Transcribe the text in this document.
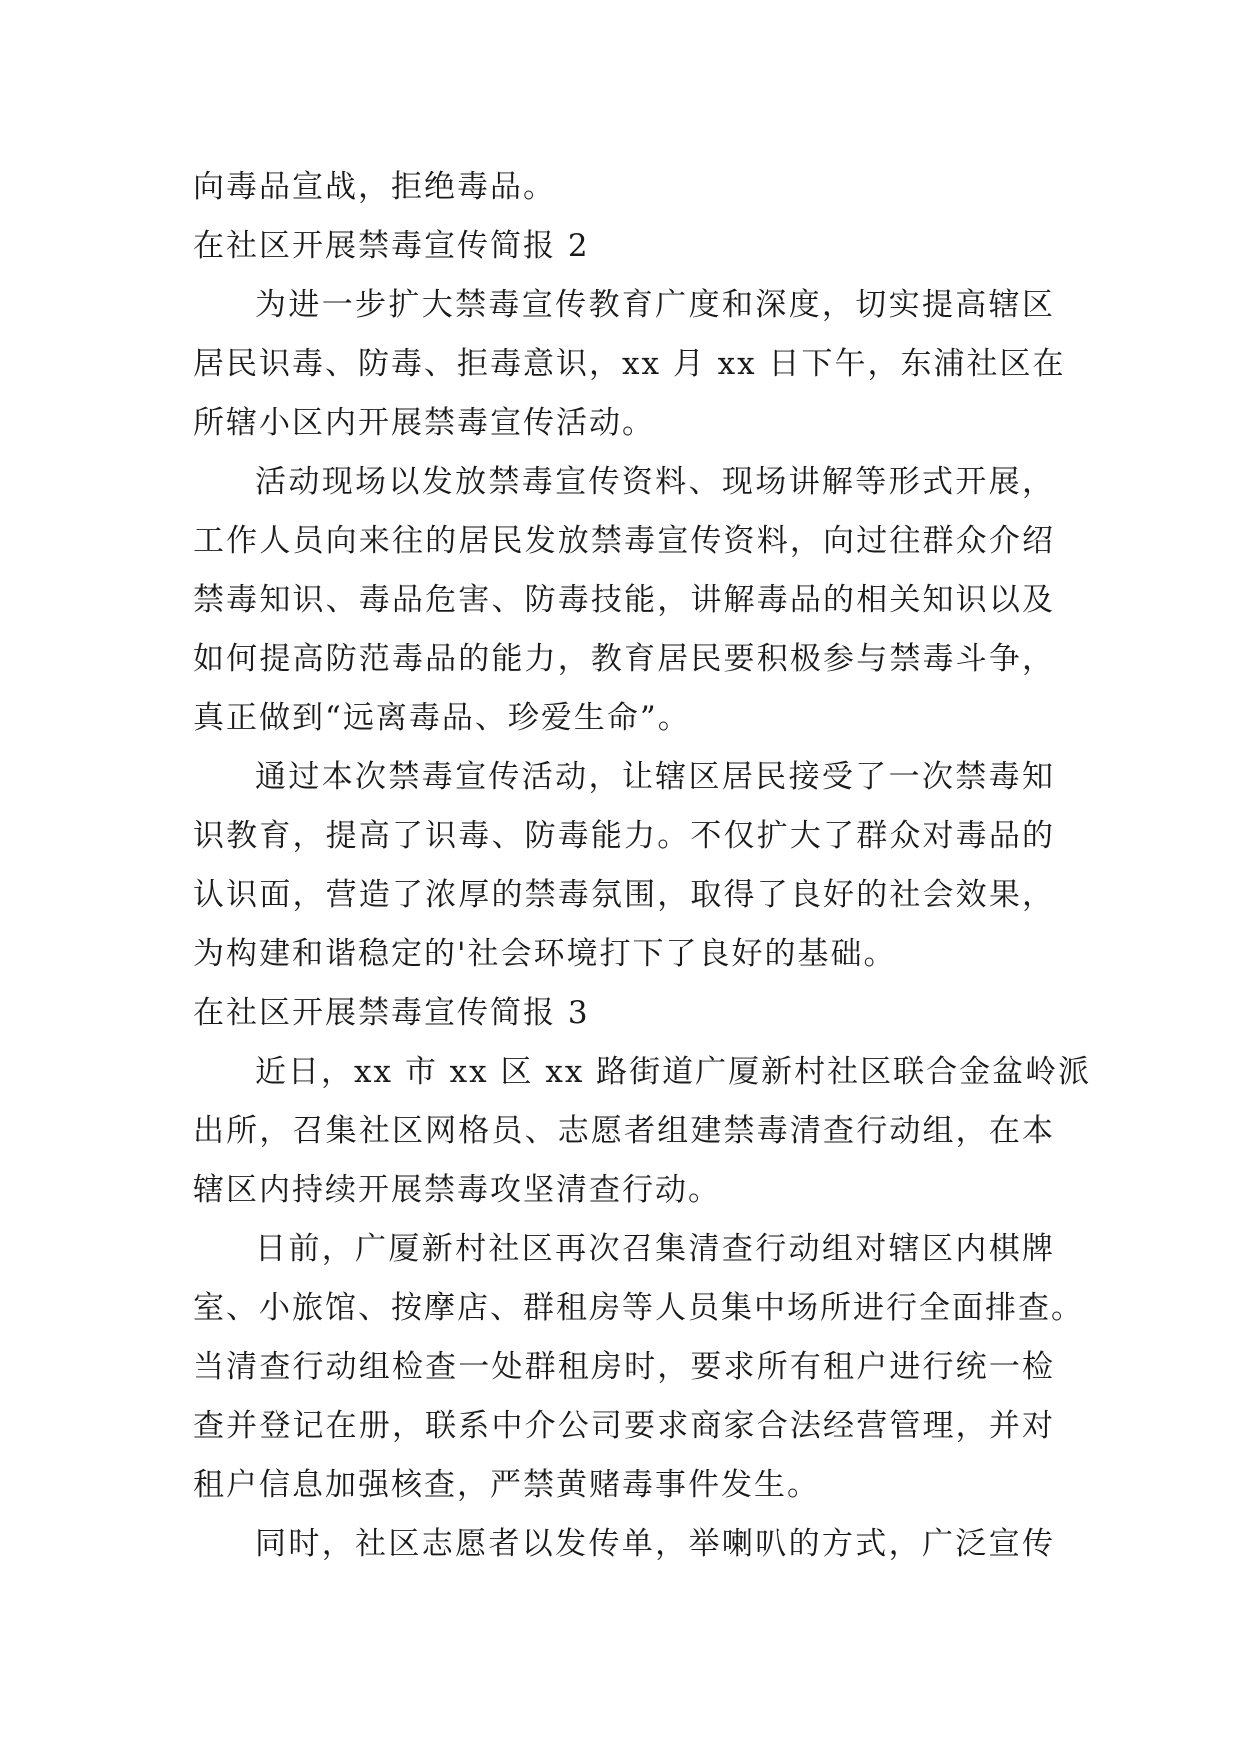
向毒品宣战，拒绝毒品。
在社区开展禁毒宣传简报 2
为进一步扩大禁毒宣传教育广度和深度，切实提高辖区
居民识毒、防毒、拒毒意识，xx 月 xx 日下午，东浦社区在
所辖小区内开展禁毒宣传活动。
活动现场以发放禁毒宣传资料、现场讲解等形式开展，
工作人员向来往的居民发放禁毒宣传资料，向过往群众介绍
禁毒知识、毒品危害、防毒技能，讲解毒品的相关知识以及
如何提高防范毒品的能力，教育居民要积极参与禁毒斗争，
真正做到“远离毒品、珍爱生命”。
通过本次禁毒宣传活动，让辖区居民接受了一次禁毒知
识教育，提高了识毒、防毒能力。不仅扩大了群众对毒品的
认识面，营造了浓厚的禁毒氛围，取得了良好的社会效果，
为构建和谐稳定的'社会环境打下了良好的基础。
在社区开展禁毒宣传简报 3
近日，xx 市 xx 区 xx 路街道广厦新村社区联合金盆岭派
出所，召集社区网格员、志愿者组建禁毒清查行动组，在本
辖区内持续开展禁毒攻坚清查行动。
日前，广厦新村社区再次召集清查行动组对辖区内棋牌
室、小旅馆、按摩店、群租房等人员集中场所进行全面排查。
当清查行动组检查一处群租房时，要求所有租户进行统一检
查并登记在册，联系中介公司要求商家合法经营管理，并对
租户信息加强核查，严禁黄赌毒事件发生。
同时，社区志愿者以发传单，举喇叭的方式，广泛宣传
